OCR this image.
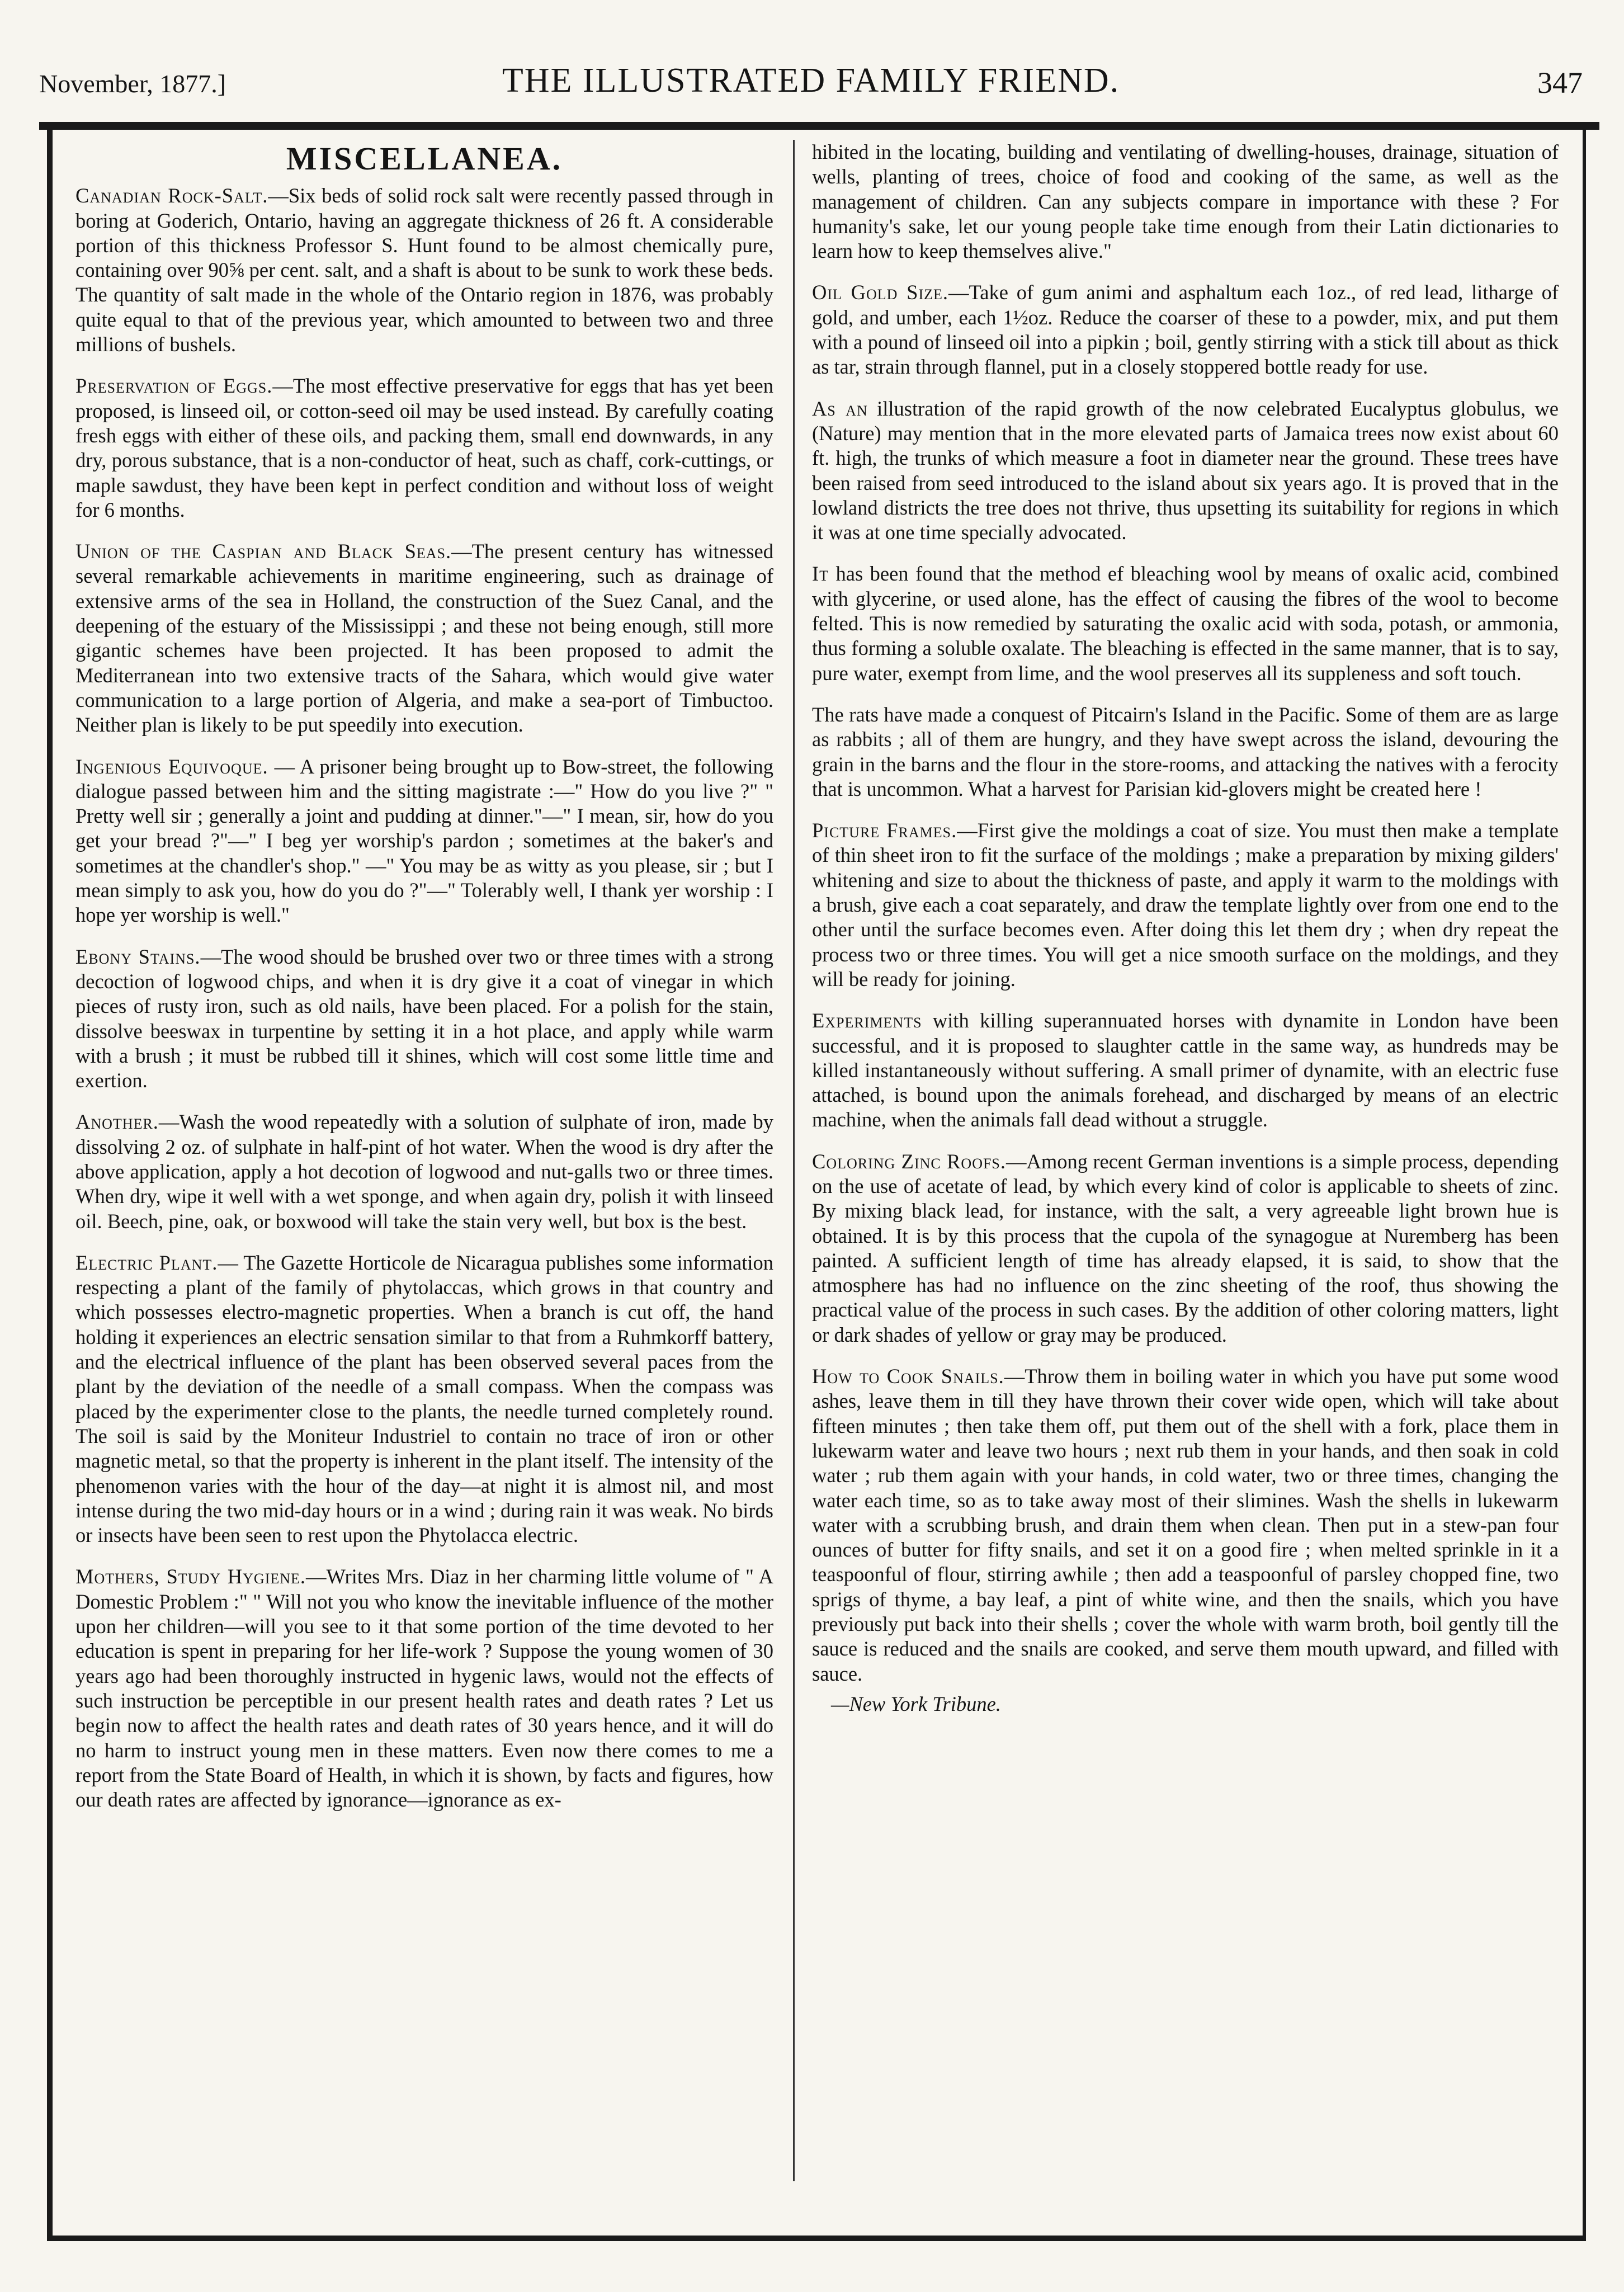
November, 1877.]	THE ILLUSTRATED FAMILY FRIEND.	347
MISCELLANEA.

Canadian Rock-Salt.—Six beds of solid rock salt were recently passed through in boring at Goderich, Ontario, having an aggregate thickness of 26 ft. A considerable portion of this thickness Professor S. Hunt found to be almost chemically pure, containing over 90⅝ per cent. salt, and a shaft is about to be sunk to work these beds. The quantity of salt made in the whole of the Ontario region in 1876, was probably quite equal to that of the previous year, which amounted to between two and three millions of bushels.

Preservation of Eggs.—The most effective preservative for eggs that has yet been proposed, is linseed oil, or cotton-seed oil may be used instead. By carefully coating fresh eggs with either of these oils, and packing them, small end downwards, in any dry, porous substance, that is a non-conductor of heat, such as chaff, cork-cuttings, or maple sawdust, they have been kept in perfect condition and without loss of weight for 6 months.

Union of the Caspian and Black Seas.—The present century has witnessed several remarkable achievements in maritime engineering, such as drainage of extensive arms of the sea in Holland, the construction of the Suez Canal, and the deepening of the estuary of the Mississippi ; and these not being enough, still more gigantic schemes have been projected. It has been proposed to admit the Mediterranean into two extensive tracts of the Sahara, which would give water communication to a large portion of Algeria, and make a sea-port of Timbuctoo. Neither plan is likely to be put speedily into execution.

Ingenious Equivoque. — A prisoner being brought up to Bow-street, the following dialogue passed between him and the sitting magistrate :—" How do you live ?" " Pretty well sir ; generally a joint and pudding at dinner."—" I mean, sir, how do you get your bread ?"—" I beg yer worship's pardon ; sometimes at the baker's and sometimes at the chandler's shop." —" You may be as witty as you please, sir ; but I mean simply to ask you, how do you do ?"—" Tolerably well, I thank yer worship : I hope yer worship is well."

Ebony Stains.—The wood should be brushed over two or three times with a strong decoction of logwood chips, and when it is dry give it a coat of vinegar in which pieces of rusty iron, such as old nails, have been placed. For a polish for the stain, dissolve beeswax in turpentine by setting it in a hot place, and apply while warm with a brush ; it must be rubbed till it shines, which will cost some little time and exertion.

Another.—Wash the wood repeatedly with a solution of sulphate of iron, made by dissolving 2 oz. of sulphate in half-pint of hot water. When the wood is dry after the above application, apply a hot decotion of logwood and nut-galls two or three times. When dry, wipe it well with a wet sponge, and when again dry, polish it with linseed oil. Beech, pine, oak, or boxwood will take the stain very well, but box is the best.

Electric Plant.— The Gazette Horticole de Nicaragua publishes some information respecting a plant of the family of phytolaccas, which grows in that country and which possesses electro-magnetic properties. When a branch is cut off, the hand holding it experiences an electric sensation similar to that from a Ruhmkorff battery, and the electrical influence of the plant has been observed several paces from the plant by the deviation of the needle of a small compass. When the compass was placed by the experimenter close to the plants, the needle turned completely round. The soil is said by the Moniteur Industriel to contain no trace of iron or other magnetic metal, so that the property is inherent in the plant itself. The intensity of the phenomenon varies with the hour of the day—at night it is almost nil, and most intense during the two mid-day hours or in a wind ; during rain it was weak. No birds or insects have been seen to rest upon the Phytolacca electric.

Mothers, Study Hygiene.—Writes Mrs. Diaz in her charming little volume of " A Domestic Problem :" " Will not you who know the inevitable influence of the mother upon her children—will you see to it that some portion of the time devoted to her education is spent in preparing for her life-work ? Suppose the young women of 30 years ago had been thoroughly instructed in hygenic laws, would not the effects of such instruction be perceptible in our present health rates and death rates ? Let us begin now to affect the health rates and death rates of 30 years hence, and it will do no harm to instruct young men in these matters. Even now there comes to me a report from the State Board of Health, in which it is shown, by facts and figures, how our death rates are affected by ignorance—ignorance as ex-

hibited in the locating, building and ventilating of dwelling-houses, drainage, situation of wells, planting of trees, choice of food and cooking of the same, as well as the management of children. Can any subjects compare in importance with these ? For humanity's sake, let our young people take time enough from their Latin dictionaries to learn how to keep themselves alive."

Oil Gold Size.—Take of gum animi and asphaltum each 1oz., of red lead, litharge of gold, and umber, each 1½oz. Reduce the coarser of these to a powder, mix, and put them with a pound of linseed oil into a pipkin ; boil, gently stirring with a stick till about as thick as tar, strain through flannel, put in a closely stoppered bottle ready for use.

As an illustration of the rapid growth of the now celebrated Eucalyptus globulus, we (Nature) may mention that in the more elevated parts of Jamaica trees now exist about 60 ft. high, the trunks of which measure a foot in diameter near the ground. These trees have been raised from seed introduced to the island about six years ago. It is proved that in the lowland districts the tree does not thrive, thus upsetting its suitability for regions in which it was at one time specially advocated.

It has been found that the method ef bleaching wool by means of oxalic acid, combined with glycerine, or used alone, has the effect of causing the fibres of the wool to become felted. This is now remedied by saturating the oxalic acid with soda, potash, or ammonia, thus forming a soluble oxalate. The bleaching is effected in the same manner, that is to say, pure water, exempt from lime, and the wool preserves all its suppleness and soft touch.

The rats have made a conquest of Pitcairn's Island in the Pacific. Some of them are as large as rabbits ; all of them are hungry, and they have swept across the island, devouring the grain in the barns and the flour in the store-rooms, and attacking the natives with a ferocity that is uncommon. What a harvest for Parisian kid-glovers might be created here !

Picture Frames.—First give the moldings a coat of size. You must then make a template of thin sheet iron to fit the surface of the moldings ; make a preparation by mixing gilders' whitening and size to about the thickness of paste, and apply it warm to the moldings with a brush, give each a coat separately, and draw the template lightly over from one end to the other until the surface becomes even. After doing this let them dry ; when dry repeat the process two or three times. You will get a nice smooth surface on the moldings, and they will be ready for joining.

Experiments with killing superannuated horses with dynamite in London have been successful, and it is proposed to slaughter cattle in the same way, as hundreds may be killed instantaneously without suffering. A small primer of dynamite, with an electric fuse attached, is bound upon the animals forehead, and discharged by means of an electric machine, when the animals fall dead without a struggle.

Coloring Zinc Roofs.—Among recent German inventions is a simple process, depending on the use of acetate of lead, by which every kind of color is applicable to sheets of zinc. By mixing black lead, for instance, with the salt, a very agreeable light brown hue is obtained. It is by this process that the cupola of the synagogue at Nuremberg has been painted. A sufficient length of time has already elapsed, it is said, to show that the atmosphere has had no influence on the zinc sheeting of the roof, thus showing the practical value of the process in such cases. By the addition of other coloring matters, light or dark shades of yellow or gray may be produced.

How to Cook Snails.—Throw them in boiling water in which you have put some wood ashes, leave them in till they have thrown their cover wide open, which will take about fifteen minutes ; then take them off, put them out of the shell with a fork, place them in lukewarm water and leave two hours ; next rub them in your hands, and then soak in cold water ; rub them again with your hands, in cold water, two or three times, changing the water each time, so as to take away most of their slimines. Wash the shells in lukewarm water with a scrubbing brush, and drain them when clean. Then put in a stew-pan four ounces of butter for fifty snails, and set it on a good fire ; when melted sprinkle in it a teaspoonful of flour, stirring awhile ; then add a teaspoonful of parsley chopped fine, two sprigs of thyme, a bay leaf, a pint of white wine, and then the snails, which you have previously put back into their shells ; cover the whole with warm broth, boil gently till the sauce is reduced and the snails are cooked, and serve them mouth upward, and filled with sauce.

—New York Tribune.
